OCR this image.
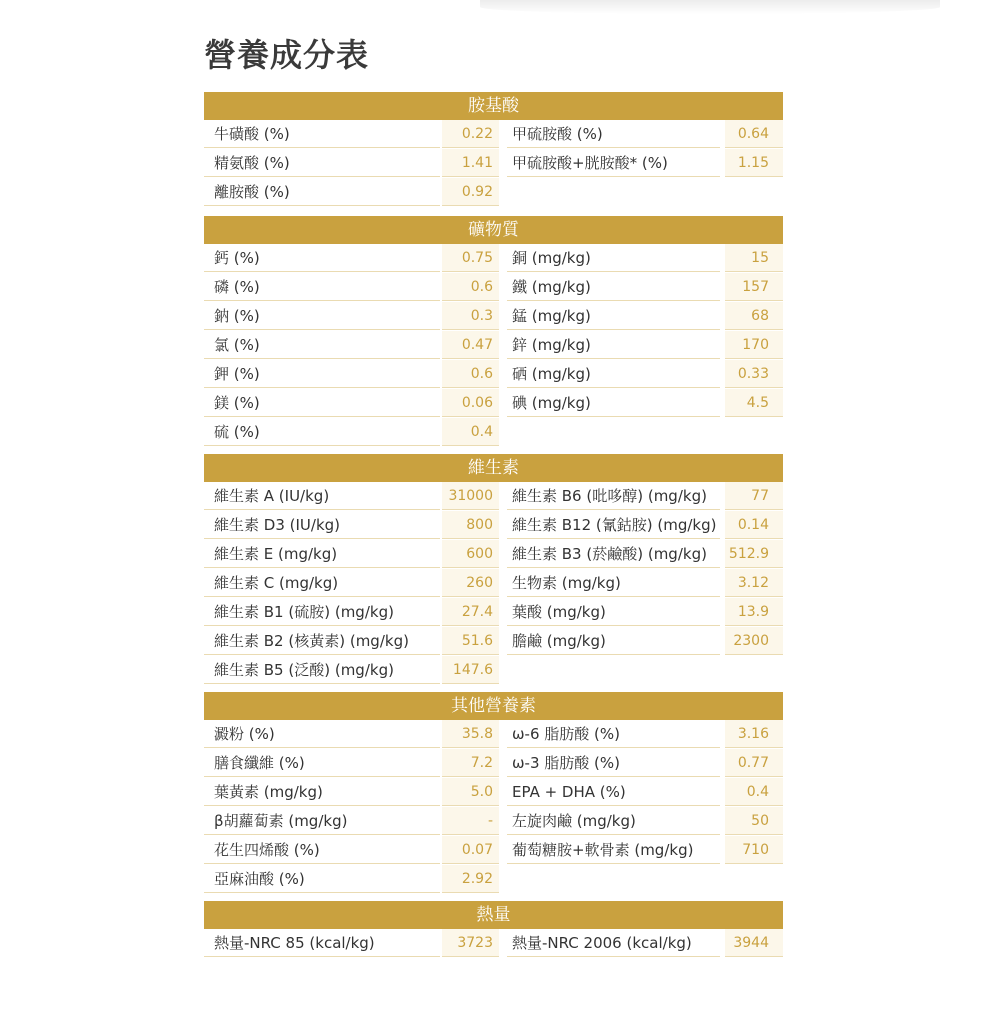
營養成分表
胺基酸
牛磺酸 (%)	0.22	甲硫胺酸 (%)	0.64
精氨酸 (%)	1.41	甲硫胺酸+胱胺酸* (%)	1.15
離胺酸 (%)	0.92
礦物質
鈣 (%)	0.75	銅 (mg/kg)	15
磷 (%)	0.6	鐵 (mg/kg)	157
鈉 (%)	0.3	錳 (mg/kg)	68
氯 (%)	0.47	鋅 (mg/kg)	170
鉀 (%)	0.6	硒 (mg/kg)	0.33
鎂 (%)	0.06	碘 (mg/kg)	4.5
硫 (%)	0.4
維生素
維生素 A (IU/kg)	31000	維生素 B6 (吡哆醇) (mg/kg)	77
維生素 D3 (IU/kg)	800	維生素 B12 (氰鈷胺) (mg/kg)	0.14
維生素 E (mg/kg)	600	維生素 B3 (菸鹼酸) (mg/kg)	512.9
維生素 C (mg/kg)	260	生物素 (mg/kg)	3.12
維生素 B1 (硫胺) (mg/kg)	27.4	葉酸 (mg/kg)	13.9
維生素 B2 (核黃素) (mg/kg)	51.6	膽鹼 (mg/kg)	2300
維生素 B5 (泛酸) (mg/kg)	147.6
其他營養素
澱粉 (%)	35.8	ω-6 脂肪酸 (%)	3.16
膳食纖維 (%)	7.2	ω-3 脂肪酸 (%)	0.77
葉黃素 (mg/kg)	5.0	EPA + DHA (%)	0.4
β胡蘿蔔素 (mg/kg)	-	左旋肉鹼 (mg/kg)	50
花生四烯酸 (%)	0.07	葡萄糖胺+軟骨素 (mg/kg)	710
亞麻油酸 (%)	2.92
熱量
熱量-NRC 85 (kcal/kg)	3723	熱量-NRC 2006 (kcal/kg)	3944
